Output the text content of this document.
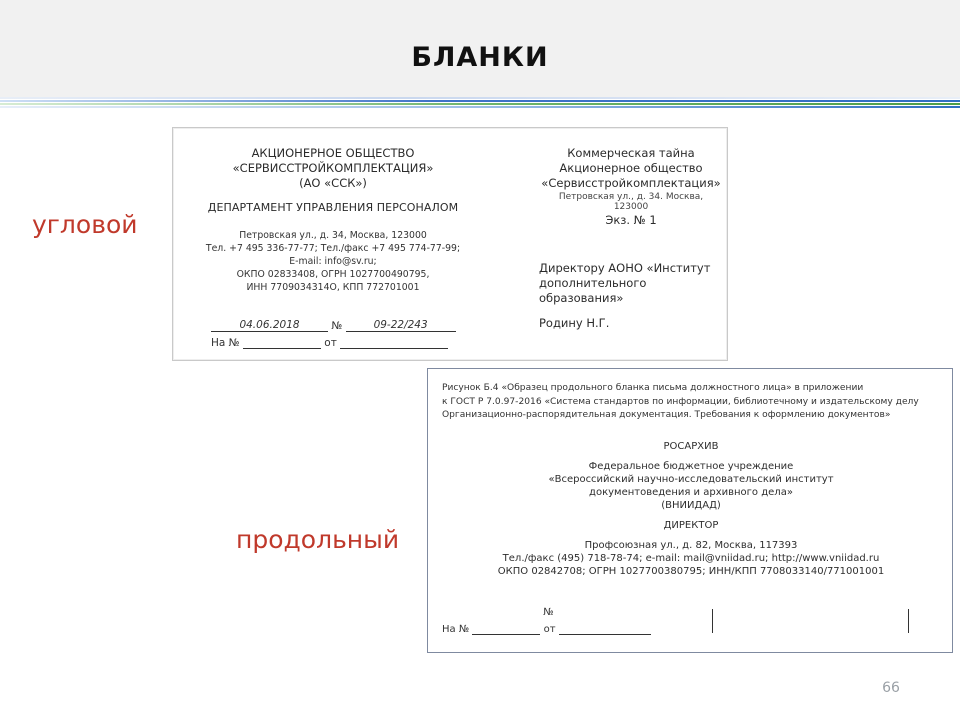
БЛАНКИ
угловой
продольный
АКЦИОНЕРНОЕ ОБЩЕСТВО
«СЕРВИССТРОЙКОМПЛЕКТАЦИЯ»
(АО «ССК»)
ДЕПАРТАМЕНТ УПРАВЛЕНИЯ ПЕРСОНАЛОМ
Петровская ул., д. 34, Москва, 123000
Тел. +7 495 336-77-77; Тел./факс +7 495 774-77-99;
E-mail: info@sv.ru;
ОКПО 02833408, ОГРН 1027700490795,
ИНН 7709034314О, КПП 772701001
04.06.2018	№	09-22/243
На №	от
Коммерческая тайна
Акционерное общество
«Сервисстройкомплектация»
Петровская ул., д. 34. Москва, 123000
Экз. № 1
Директору АОНО «Институт
дополнительного образования»
Родину Н.Г.
Рисунок Б.4 «Образец продольного бланка письма должностного лица» в приложении
к ГОСТ Р 7.0.97-2016 «Система стандартов по информации, библиотечному и издательскому делу
Организационно-распорядительная документация. Требования к оформлению документов»
РОСАРХИВ
Федеральное бюджетное учреждение
«Всероссийский научно-исследовательский институт
документоведения и архивного дела»
(ВНИИДАД)
ДИРЕКТОР
Профсоюзная ул., д. 82, Москва, 117393
Тел./факс (495) 718-78-74; e-mail: mail@vniidad.ru; http://www.vniidad.ru
ОКПО 02842708; ОГРН 1027700380795; ИНН/КПП 7708033140/771001001
№
На №	от
66
